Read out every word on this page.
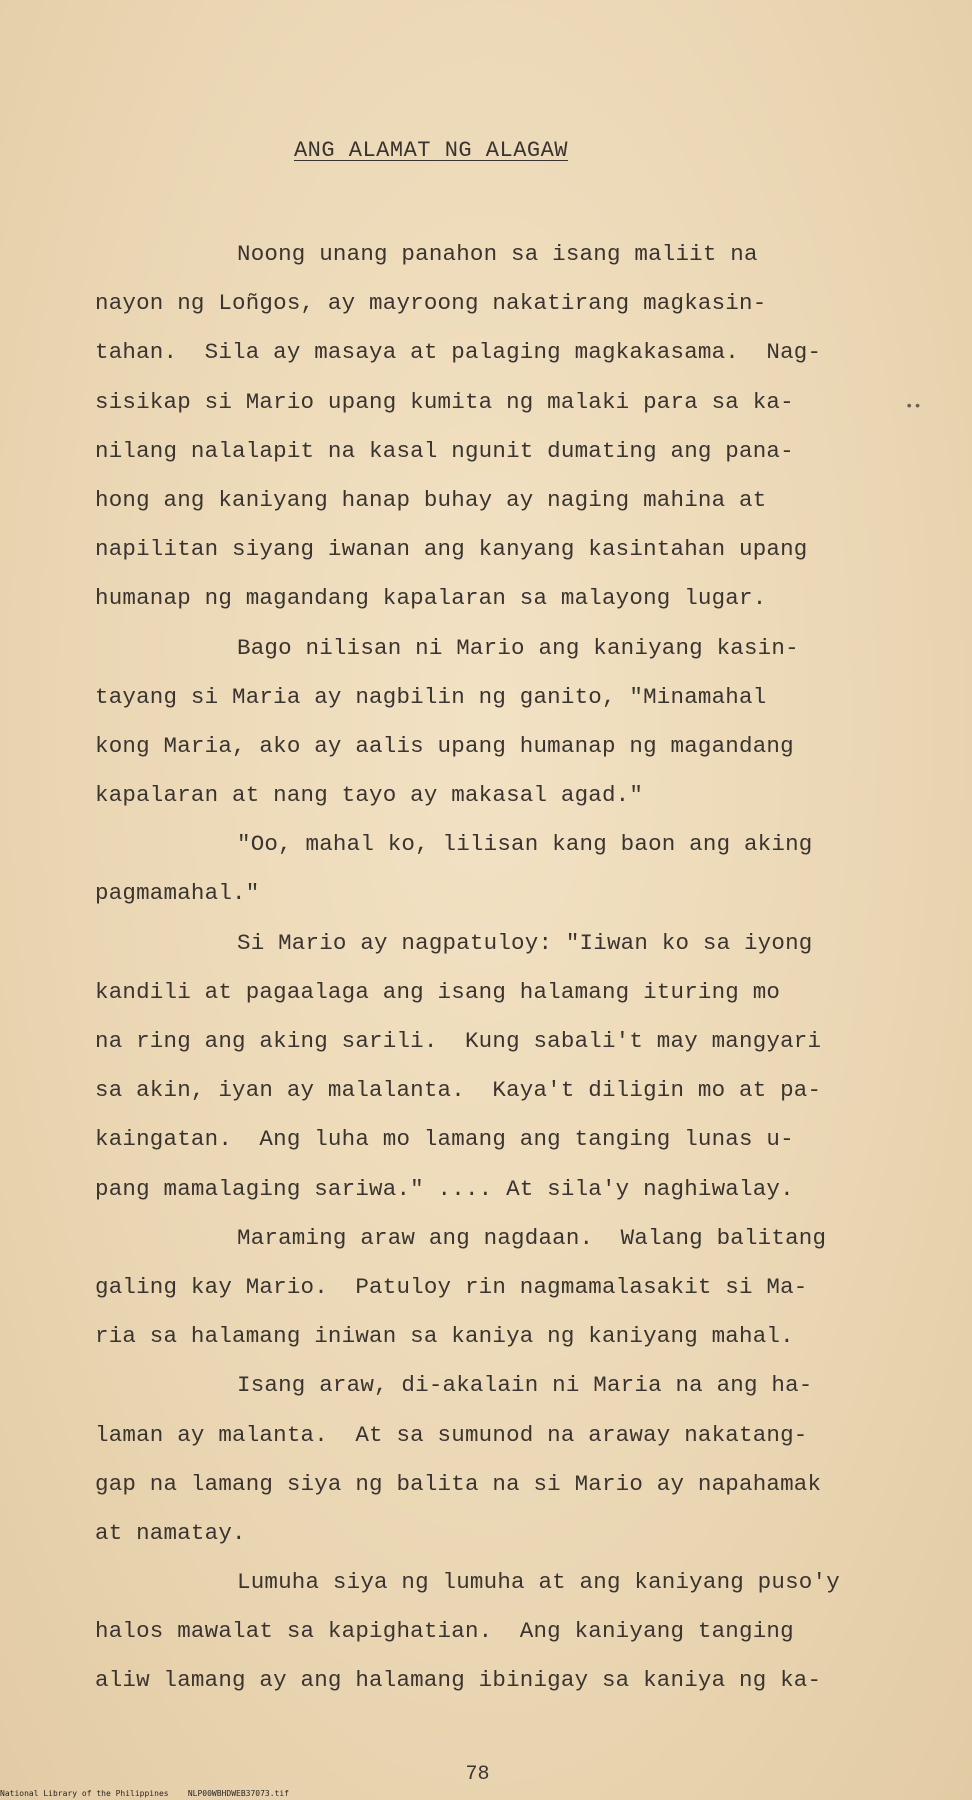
ANG ALAMAT NG ALAGAW
Noong unang panahon sa isang maliit na
nayon ng Loñgos, ay mayroong nakatirang magkasin-
tahan.  Sila ay masaya at palaging magkakasama.  Nag-
sisikap si Mario upang kumita ng malaki para sa ka-
nilang nalalapit na kasal ngunit dumating ang pana-
hong ang kaniyang hanap buhay ay naging mahina at
napilitan siyang iwanan ang kanyang kasintahan upang
humanap ng magandang kapalaran sa malayong lugar.
Bago nilisan ni Mario ang kaniyang kasin-
tayang si Maria ay nagbilin ng ganito, "Minamahal
kong Maria, ako ay aalis upang humanap ng magandang
kapalaran at nang tayo ay makasal agad."
"Oo, mahal ko, lilisan kang baon ang aking
pagmamahal."
Si Mario ay nagpatuloy: "Iiwan ko sa iyong
kandili at pagaalaga ang isang halamang ituring mo
na ring ang aking sarili.  Kung sabali't may mangyari
sa akin, iyan ay malalanta.  Kaya't diligin mo at pa-
kaingatan.  Ang luha mo lamang ang tanging lunas u-
pang mamalaging sariwa." .... At sila'y naghiwalay.
Maraming araw ang nagdaan.  Walang balitang
galing kay Mario.  Patuloy rin nagmamalasakit si Ma-
ria sa halamang iniwan sa kaniya ng kaniyang mahal.
Isang araw, di-akalain ni Maria na ang ha-
laman ay malanta.  At sa sumunod na araway nakatang-
gap na lamang siya ng balita na si Mario ay napahamak
at namatay.
Lumuha siya ng lumuha at ang kaniyang puso'y
halos mawalat sa kapighatian.  Ang kaniyang tanging
aliw lamang ay ang halamang ibinigay sa kaniya ng ka-
••
78
National Library of the Philippines    NLP00WBHDWEB37073.tif
